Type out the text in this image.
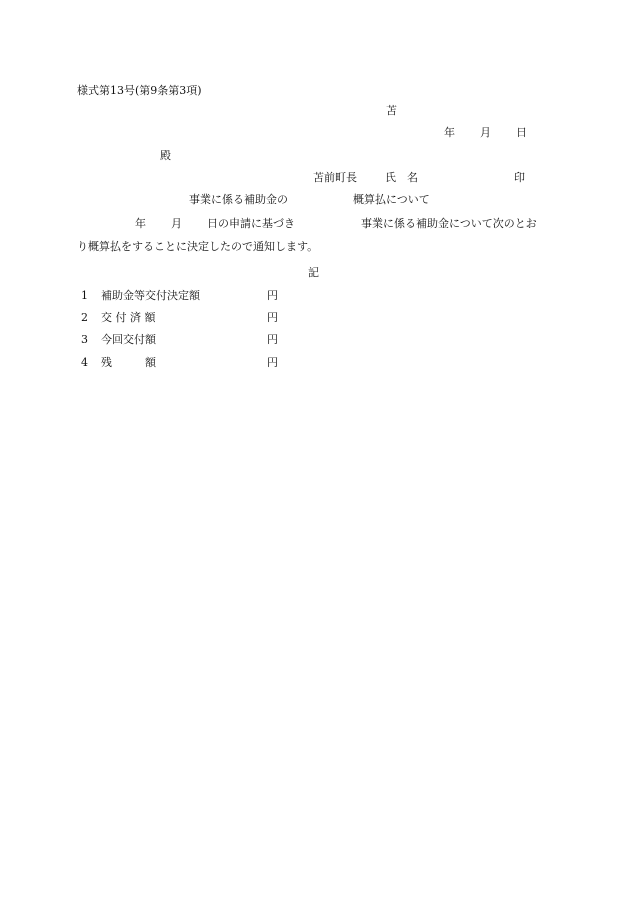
様式第13号(第9条第3項)
苫
年 月 日
殿
苫前町長	氏　名	印
事業に係る補助金の	概算払について
年 月 日の申請に基づき	事業に係る補助金について次のとお
り概算払をすることに決定したので通知します。
記
1 補助金等交付決定額	円
2 交 付 済 額	円
3 今回交付額	円
4 残　　　額	円
